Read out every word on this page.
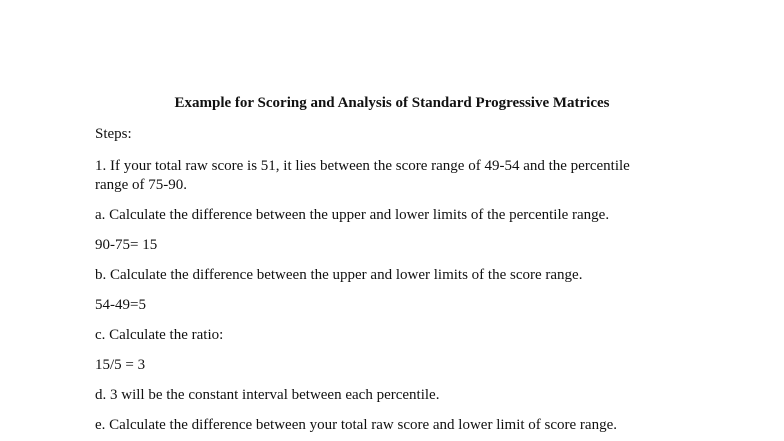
Example for Scoring and Analysis of Standard Progressive Matrices
Steps:
1. If your total raw score is 51, it lies between the score range of 49-54 and the percentile
range of 75-90.
a. Calculate the difference between the upper and lower limits of the percentile range.
90-75= 15
b. Calculate the difference between the upper and lower limits of the score range.
54-49=5
c. Calculate the ratio:
15/5 = 3
d. 3 will be the constant interval between each percentile.
e. Calculate the difference between your total raw score and lower limit of score range.
